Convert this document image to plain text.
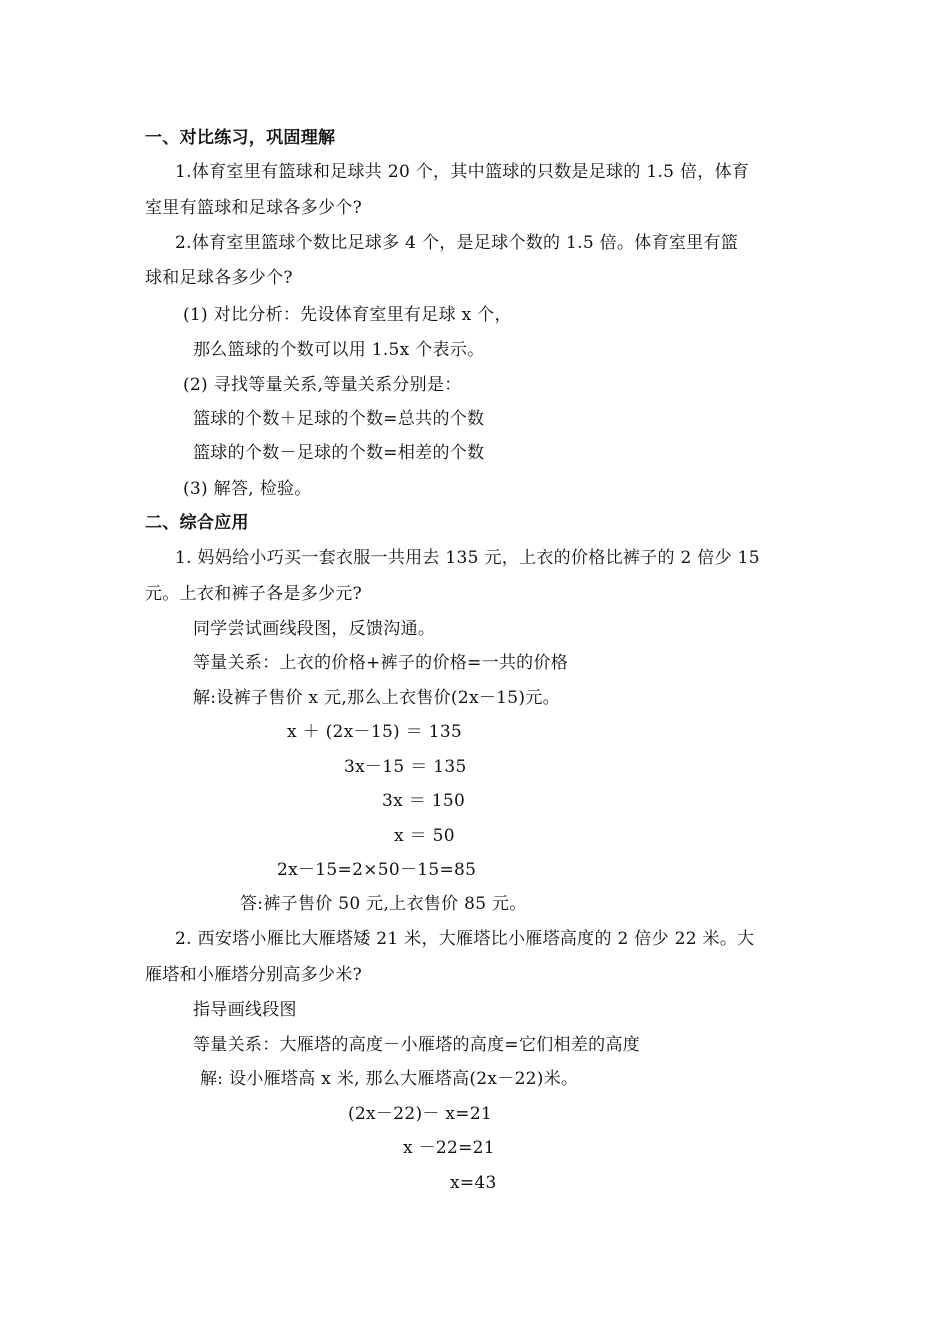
一、对比练习，巩固理解
1.体育室里有篮球和足球共 20 个，其中篮球的只数是足球的 1.5 倍，体育
室里有篮球和足球各多少个?
2.体育室里篮球个数比足球多 4 个，是足球个数的 1.5 倍。体育室里有篮
球和足球各多少个?
(1) 对比分析：先设体育室里有足球 x 个，
那么篮球的个数可以用 1.5x 个表示。
(2) 寻找等量关系,等量关系分别是：
篮球的个数＋足球的个数=总共的个数
篮球的个数－足球的个数=相差的个数
(3) 解答, 检验。
二、综合应用
1. 妈妈给小巧买一套衣服一共用去 135 元，上衣的价格比裤子的 2 倍少 15
元。上衣和裤子各是多少元?
同学尝试画线段图，反馈沟通。
等量关系：上衣的价格+裤子的价格=一共的价格
解:设裤子售价 x 元,那么上衣售价(2x－15)元。
x ＋ (2x－15) ＝ 135
3x－15 ＝ 135
3x ＝ 150
x ＝ 50
2x－15=2×50－15=85
答:裤子售价 50 元,上衣售价 85 元。
2. 西安塔小雁比大雁塔矮 21 米，大雁塔比小雁塔高度的 2 倍少 22 米。大
雁塔和小雁塔分别高多少米?
指导画线段图
等量关系：大雁塔的高度－小雁塔的高度=它们相差的高度
解: 设小雁塔高 x 米, 那么大雁塔高(2x－22)米。
(2x－22)－ x=21
x －22=21
x=43
